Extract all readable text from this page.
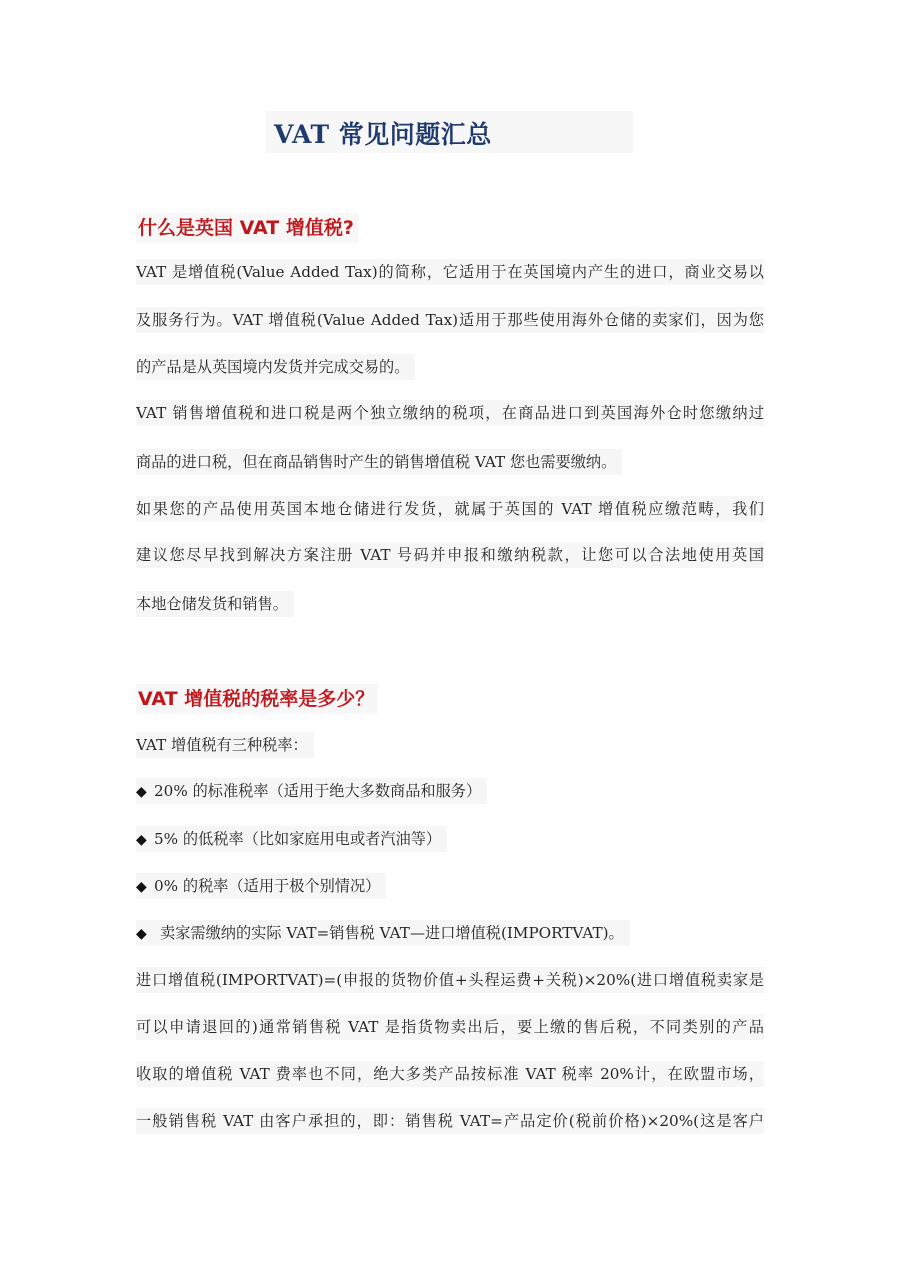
VAT 常见问题汇总
什么是英国 VAT 增值税?
VAT 是增值税(Value Added Tax)的简称，它适用于在英国境内产生的进口，商业交易以
及服务行为。VAT 增值税(Value Added Tax)适用于那些使用海外仓储的卖家们，因为您
的产品是从英国境内发货并完成交易的。
VAT 销售增值税和进口税是两个独立缴纳的税项，在商品进口到英国海外仓时您缴纳过
商品的进口税，但在商品销售时产生的销售增值税 VAT 您也需要缴纳。
如果您的产品使用英国本地仓储进行发货，就属于英国的 VAT 增值税应缴范畴，我们
建议您尽早找到解决方案注册 VAT 号码并申报和缴纳税款，让您可以合法地使用英国
本地仓储发货和销售。
VAT 增值税的税率是多少？
VAT 增值税有三种税率：
◆ 20% 的标准税率（适用于绝大多数商品和服务）
◆ 5% 的低税率（比如家庭用电或者汽油等）
◆ 0% 的税率（适用于极个别情况）
◆ 卖家需缴纳的实际 VAT=销售税 VAT—进口增值税(IMPORTVAT)。
进口增值税(IMPORTVAT)=(申报的货物价值+头程运费+关税)×20%(进口增值税卖家是
可以申请退回的)通常销售税 VAT 是指货物卖出后，要上缴的售后税，不同类别的产品
收取的增值税 VAT 费率也不同，绝大多类产品按标准 VAT 税率 20%计，在欧盟市场，
一般销售税 VAT 由客户承担的，即：销售税 VAT=产品定价(税前价格)×20%(这是客户
